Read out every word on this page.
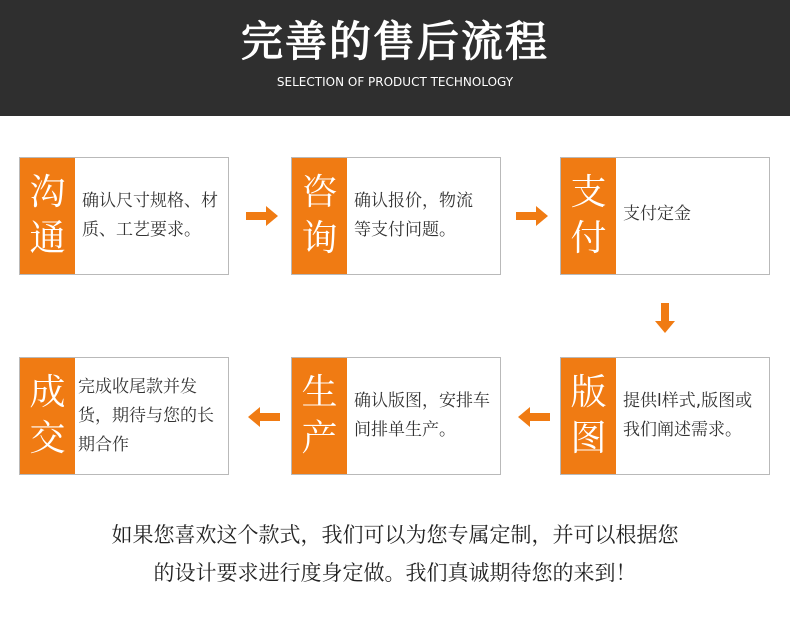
完善的售后流程
SELECTION OF PRODUCT TECHNOLOGY
沟
通
确认尺寸规格、材质、工艺要求。
咨
询
确认报价，物流等支付问题。
支
付
支付定金
成
交
完成收尾款并发货，期待与您的长期合作
生
产
确认版图，安排车间排单生产。
版
图
提供l样式,版图或我们阐述需求。
如果您喜欢这个款式，我们可以为您专属定制，并可以根据您
的设计要求进行度身定做。我们真诚期待您的来到！
